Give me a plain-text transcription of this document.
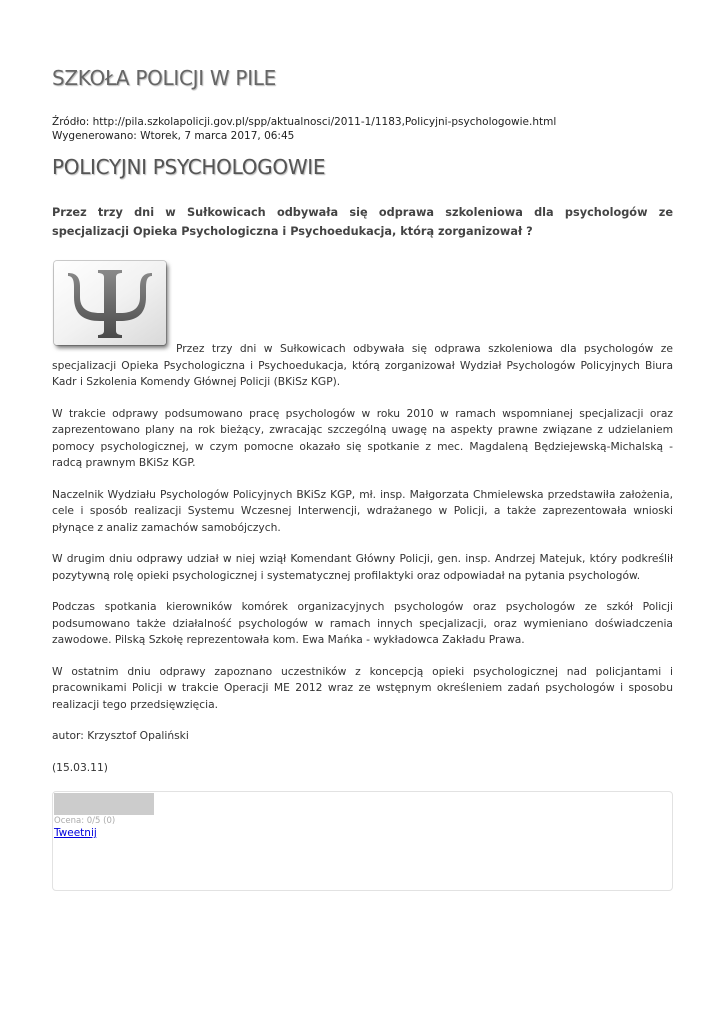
SZKOŁA POLICJI W PILE
Źródło: http://pila.szkolapolicji.gov.pl/spp/aktualnosci/2011-1/1183,Policyjni-psychologowie.html
Wygenerowano: Wtorek, 7 marca 2017, 06:45
POLICYJNI PSYCHOLOGOWIE

Przez trzy dni w Sułkowicach odbywała się odprawa szkoleniowa dla psychologów ze specjalizacji Opieka Psychologiczna i Psychoedukacja, którą zorganizował ?

Przez trzy dni w Sułkowicach odbywała się odprawa szkoleniowa dla psychologów ze specjalizacji Opieka Psychologiczna i Psychoedukacja, którą zorganizował Wydział Psychologów Policyjnych Biura Kadr i Szkolenia Komendy Głównej Policji (BKiSz KGP).

W trakcie odprawy podsumowano pracę psychologów w roku 2010 w ramach wspomnianej specjalizacji oraz zaprezentowano plany na rok bieżący, zwracając szczególną uwagę na aspekty prawne związane z udzielaniem pomocy psychologicznej, w czym pomocne okazało się spotkanie z mec. Magdaleną Będziejewską-Michalską - radcą prawnym BKiSz KGP.

Naczelnik Wydziału Psychologów Policyjnych BKiSz KGP, mł. insp. Małgorzata Chmielewska przedstawiła założenia, cele i sposób realizacji Systemu Wczesnej Interwencji, wdrażanego w Policji, a także zaprezentowała wnioski płynące z analiz zamachów samobójczych.

W drugim dniu odprawy udział w niej wziął Komendant Główny Policji, gen. insp. Andrzej Matejuk, który podkreślił pozytywną rolę opieki psychologicznej i systematycznej profilaktyki oraz odpowiadał na pytania psychologów.

Podczas spotkania kierowników komórek organizacyjnych psychologów oraz psychologów ze szkół Policji podsumowano także działalność psychologów w ramach innych specjalizacji, oraz wymieniano doświadczenia zawodowe. Pilską Szkołę reprezentowała kom. Ewa Mańka - wykładowca Zakładu Prawa.

W ostatnim dniu odprawy zapoznano uczestników z koncepcją opieki psychologicznej nad policjantami i pracownikami Policji w trakcie Operacji ME 2012 wraz ze wstępnym określeniem zadań psychologów i sposobu realizacji tego przedsięwzięcia.

autor: Krzysztof Opaliński

(15.03.11)

Ocena: 0/5 (0)
Tweetnij
